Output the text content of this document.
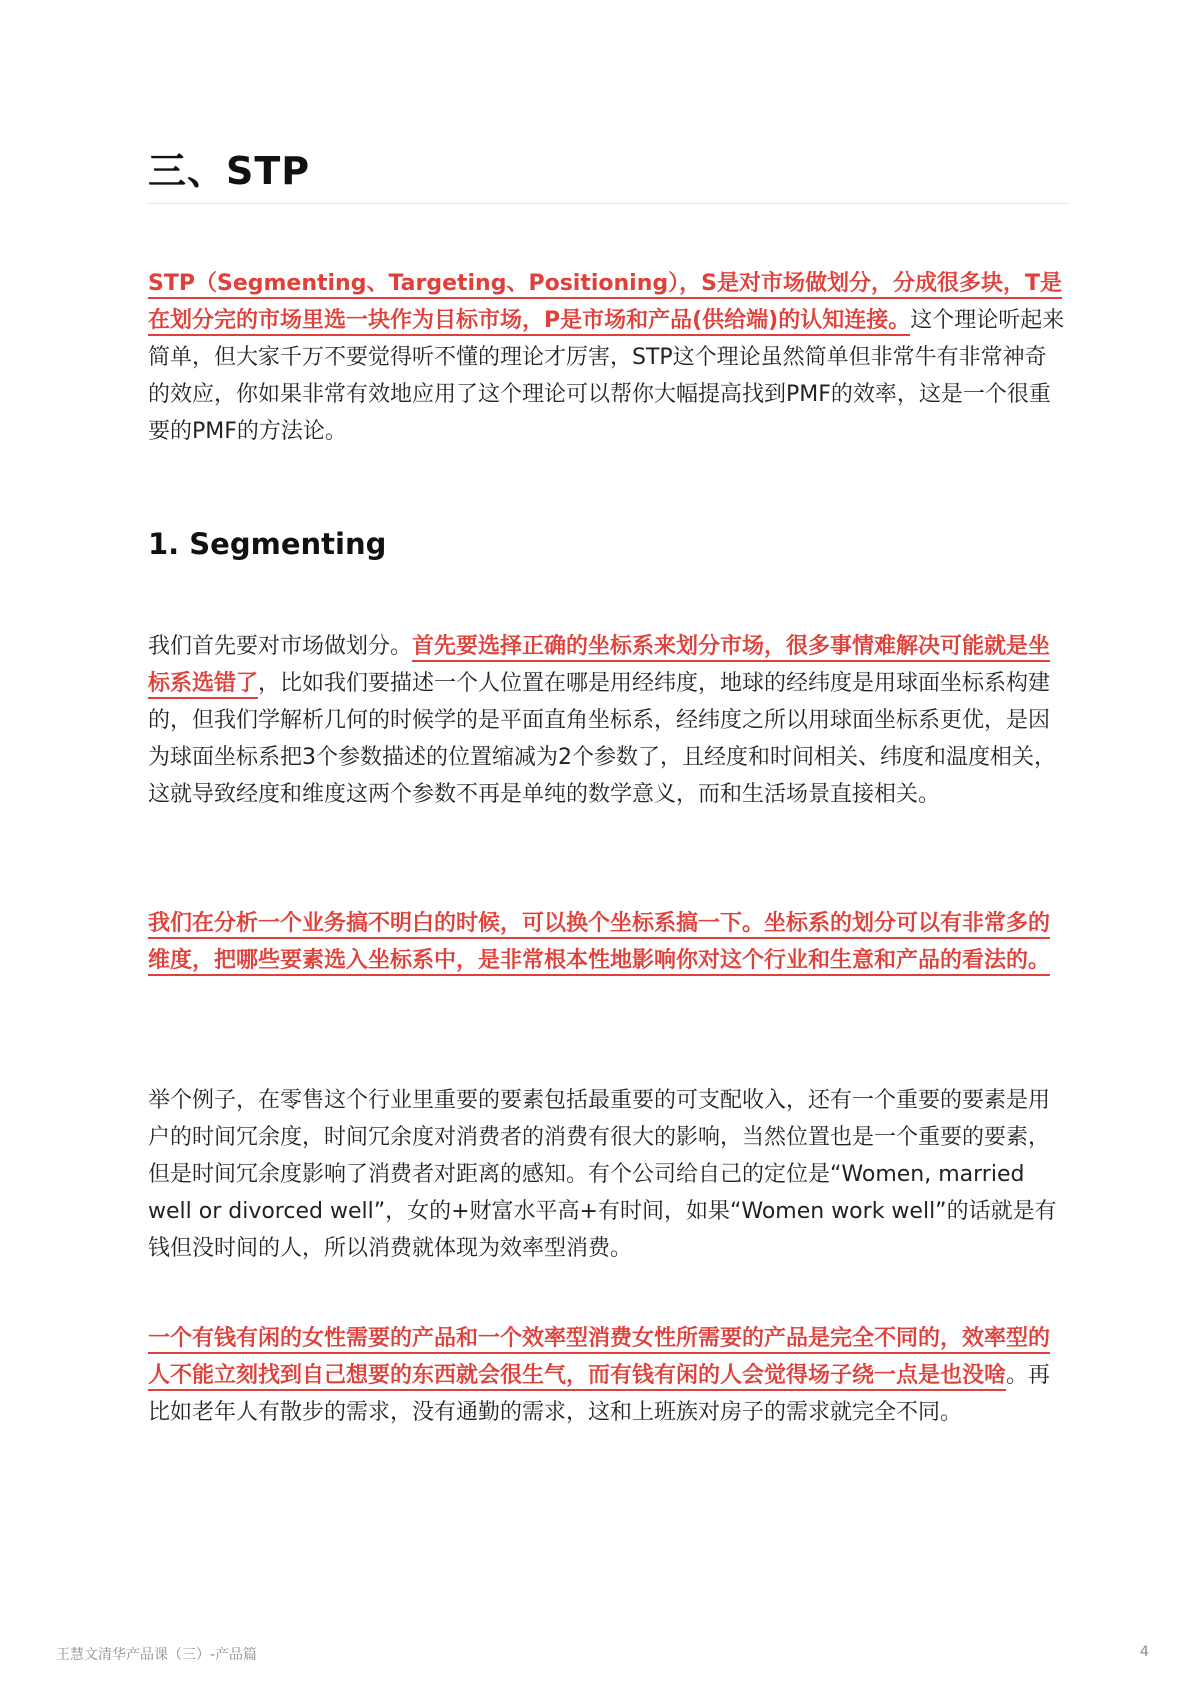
三、STP

STP（Segmenting、Targeting、Positioning），S是对市场做划分，分成很多块，T是在划分完的市场里选一块作为目标市场，P是市场和产品(供给端)的认知连接。这个理论听起来简单，但大家千万不要觉得听不懂的理论才厉害，STP这个理论虽然简单但非常牛有非常神奇的效应，你如果非常有效地应用了这个理论可以帮你大幅提高找到PMF的效率，这是一个很重要的PMF的方法论。

1. Segmenting

我们首先要对市场做划分。首先要选择正确的坐标系来划分市场，很多事情难解决可能就是坐标系选错了，比如我们要描述一个人位置在哪是用经纬度，地球的经纬度是用球面坐标系构建的，但我们学解析几何的时候学的是平面直角坐标系，经纬度之所以用球面坐标系更优，是因为球面坐标系把3个参数描述的位置缩减为2个参数了，且经度和时间相关、纬度和温度相关，这就导致经度和维度这两个参数不再是单纯的数学意义，而和生活场景直接相关。

我们在分析一个业务搞不明白的时候，可以换个坐标系搞一下。坐标系的划分可以有非常多的维度，把哪些要素选入坐标系中，是非常根本性地影响你对这个行业和生意和产品的看法的。

举个例子，在零售这个行业里重要的要素包括最重要的可支配收入，还有一个重要的要素是用户的时间冗余度，时间冗余度对消费者的消费有很大的影响，当然位置也是一个重要的要素，但是时间冗余度影响了消费者对距离的感知。有个公司给自己的定位是“Women, married well or divorced well”，女的+财富水平高+有时间，如果“Women work well”的话就是有钱但没时间的人，所以消费就体现为效率型消费。

一个有钱有闲的女性需要的产品和一个效率型消费女性所需要的产品是完全不同的，效率型的人不能立刻找到自己想要的东西就会很生气，而有钱有闲的人会觉得场子绕一点是也没啥。再比如老年人有散步的需求，没有通勤的需求，这和上班族对房子的需求就完全不同。

王慧文清华产品课（三）-产品篇	4
